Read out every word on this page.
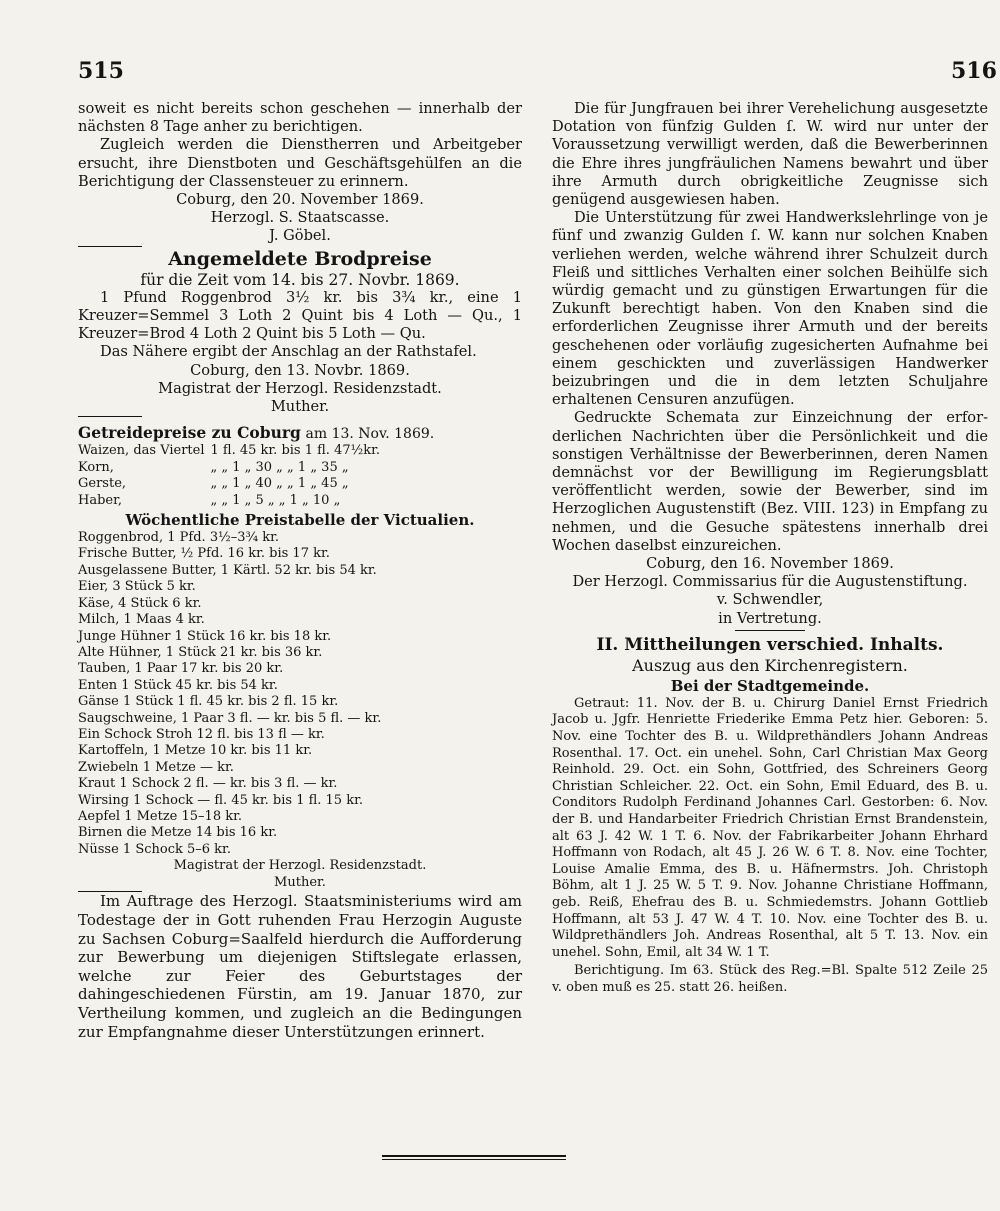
515	516

soweit es nicht bereits schon geschehen — innerhalb der nächsten 8 Tage anher zu berichtigen.

Zugleich werden die Dienstherren und Arbeitgeber ersucht, ihre Dienstboten und Geschäftsgehülfen an die Berichtigung der Classensteuer zu erinnern.

Coburg, den 20. November 1869.

Herzogl. S. Staatscasse.

J. Göbel.

Angemeldete Brodpreise

für die Zeit vom 14. bis 27. Novbr. 1869.

1 Pfund Roggenbrod 3½ kr. bis 3¾ kr., eine 1 Kreuzer=Semmel 3 Loth 2 Quint bis 4 Loth — Qu., 1 Kreuzer=Brod 4 Loth 2 Quint bis 5 Loth — Qu.

Das Nähere ergibt der Anschlag an der Rathstafel.

Coburg, den 13. Novbr. 1869.

Magistrat der Herzogl. Residenzstadt.

Muther.

Getreidepreise zu Coburg am 13. Nov. 1869.
Waizen, das Viertel	1 fl. 45 kr. bis 1 fl. 47½kr.
Korn,	„ „ 1 „ 30 „ „ 1 „ 35 „
Gerste,	„ „ 1 „ 40 „ „ 1 „ 45 „
Haber,	„ „ 1 „ 5 „ „ 1 „ 10 „
Wöchentliche Preistabelle der Victualien.
Roggenbrod, 1 Pfd. 3½–3¾ kr.
Frische Butter, ½ Pfd. 16 kr. bis 17 kr.
Ausgelassene Butter, 1 Kärtl. 52 kr. bis 54 kr.
Eier, 3 Stück 5 kr.
Käse, 4 Stück 6 kr.
Milch, 1 Maas 4 kr.
Junge Hühner 1 Stück 16 kr. bis 18 kr.
Alte Hühner, 1 Stück 21 kr. bis 36 kr.
Tauben, 1 Paar 17 kr. bis 20 kr.
Enten 1 Stück 45 kr. bis 54 kr.
Gänse 1 Stück 1 fl. 45 kr. bis 2 fl. 15 kr.
Saugschweine, 1 Paar 3 fl. — kr. bis 5 fl. — kr.
Ein Schock Stroh 12 fl. bis 13 fl — kr.
Kartoffeln, 1 Metze 10 kr. bis 11 kr.
Zwiebeln 1 Metze — kr.
Kraut 1 Schock 2 fl. — kr. bis 3 fl. — kr.
Wirsing 1 Schock — fl. 45 kr. bis 1 fl. 15 kr.
Aepfel 1 Metze 15–18 kr.
Birnen die Metze 14 bis 16 kr.
Nüsse 1 Schock 5–6 kr.

Magistrat der Herzogl. Residenzstadt.

Muther.

Im Auftrage des Herzogl. Staatsministeriums wird am Todestage der in Gott ruhenden Frau Herzogin Auguste zu Sachsen Coburg=Saalfeld hierdurch die Aufforderung zur Bewerbung um diejenigen Stiftslegate erlassen, welche zur Feier des Geburtstages der dahingeschiedenen Fürstin, am 19. Januar 1870, zur Vertheilung kommen, und zugleich an die Bedingungen zur Empfangnahme dieser Unterstützungen erinnert.

Die für Jungfrauen bei ihrer Verehelichung ausgesetzte Dotation von fünfzig Gulden ſ. W. wird nur unter der Voraussetzung verwilligt werden, daß die Bewerberinnen die Ehre ihres jungfräulichen Namens bewahrt und über ihre Armuth durch obrigkeitliche Zeugnisse sich genügend ausgewiesen haben.

Die Unterstützung für zwei Handwerkslehrlinge von je fünf und zwanzig Gulden ſ. W. kann nur solchen Knaben verliehen werden, welche während ihrer Schulzeit durch Fleiß und sittliches Verhalten einer solchen Beihülfe sich würdig gemacht und zu günstigen Erwartungen für die Zukunft berechtigt haben. Von den Knaben sind die erforderlichen Zeugnisse ihrer Armuth und der bereits geschehenen oder vorläufig zugesicherten Aufnahme bei einem geschickten und zuverlässigen Handwerker beizubringen und die in dem letzten Schuljahre erhaltenen Censuren anzufügen.

Gedruckte Schemata zur Einzeichnung der erforderlichen Nachrichten über die Persönlichkeit und die sonstigen Verhältnisse der Bewerberinnen, deren Namen demnächst vor der Bewilligung im Regierungsblatt veröffentlicht werden, sowie der Bewerber, sind im Herzoglichen Augustenstift (Bez. VIII. 123) in Empfang zu nehmen, und die Gesuche spätestens innerhalb drei Wochen daselbst einzureichen.

Coburg, den 16. November 1869.

Der Herzogl. Commissarius für die Augustenstiftung.

v. Schwendler,

in Vertretung.

II. Mittheilungen verschied. Inhalts.

Auszug aus den Kirchenregistern.

Bei der Stadtgemeinde.

Getraut: 11. Nov. der B. u. Chirurg Daniel Ernst Friedrich Jacob u. Jgfr. Henriette Friederike Emma Petz hier. Geboren: 5. Nov. eine Tochter des B. u. Wildprethändlers Johann Andreas Rosenthal. 17. Oct. ein unehel. Sohn, Carl Christian Max Georg Reinhold. 29. Oct. ein Sohn, Gottfried, des Schreiners Georg Christian Schleicher. 22. Oct. ein Sohn, Emil Eduard, des B. u. Conditors Rudolph Ferdinand Johannes Carl. Gestorben: 6. Nov. der B. und Handarbeiter Friedrich Christian Ernst Brandenstein, alt 63 J. 42 W. 1 T. 6. Nov. der Fabrikarbeiter Johann Ehrhard Hoffmann von Rodach, alt 45 J. 26 W. 6 T. 8. Nov. eine Tochter, Louise Amalie Emma, des B. u. Häfnermstrs. Joh. Christoph Böhm, alt 1 J. 25 W. 5 T. 9. Nov. Johanne Christiane Hoffmann, geb. Reiß, Ehefrau des B. u. Schmiedemstrs. Johann Gottlieb Hoffmann, alt 53 J. 47 W. 4 T. 10. Nov. eine Tochter des B. u. Wildprethändlers Joh. Andreas Rosenthal, alt 5 T. 13. Nov. ein unehel. Sohn, Emil, alt 34 W. 1 T.

Berichtigung. Im 63. Stück des Reg.=Bl. Spalte 512 Zeile 25 v. oben muß es 25. statt 26. heißen.
